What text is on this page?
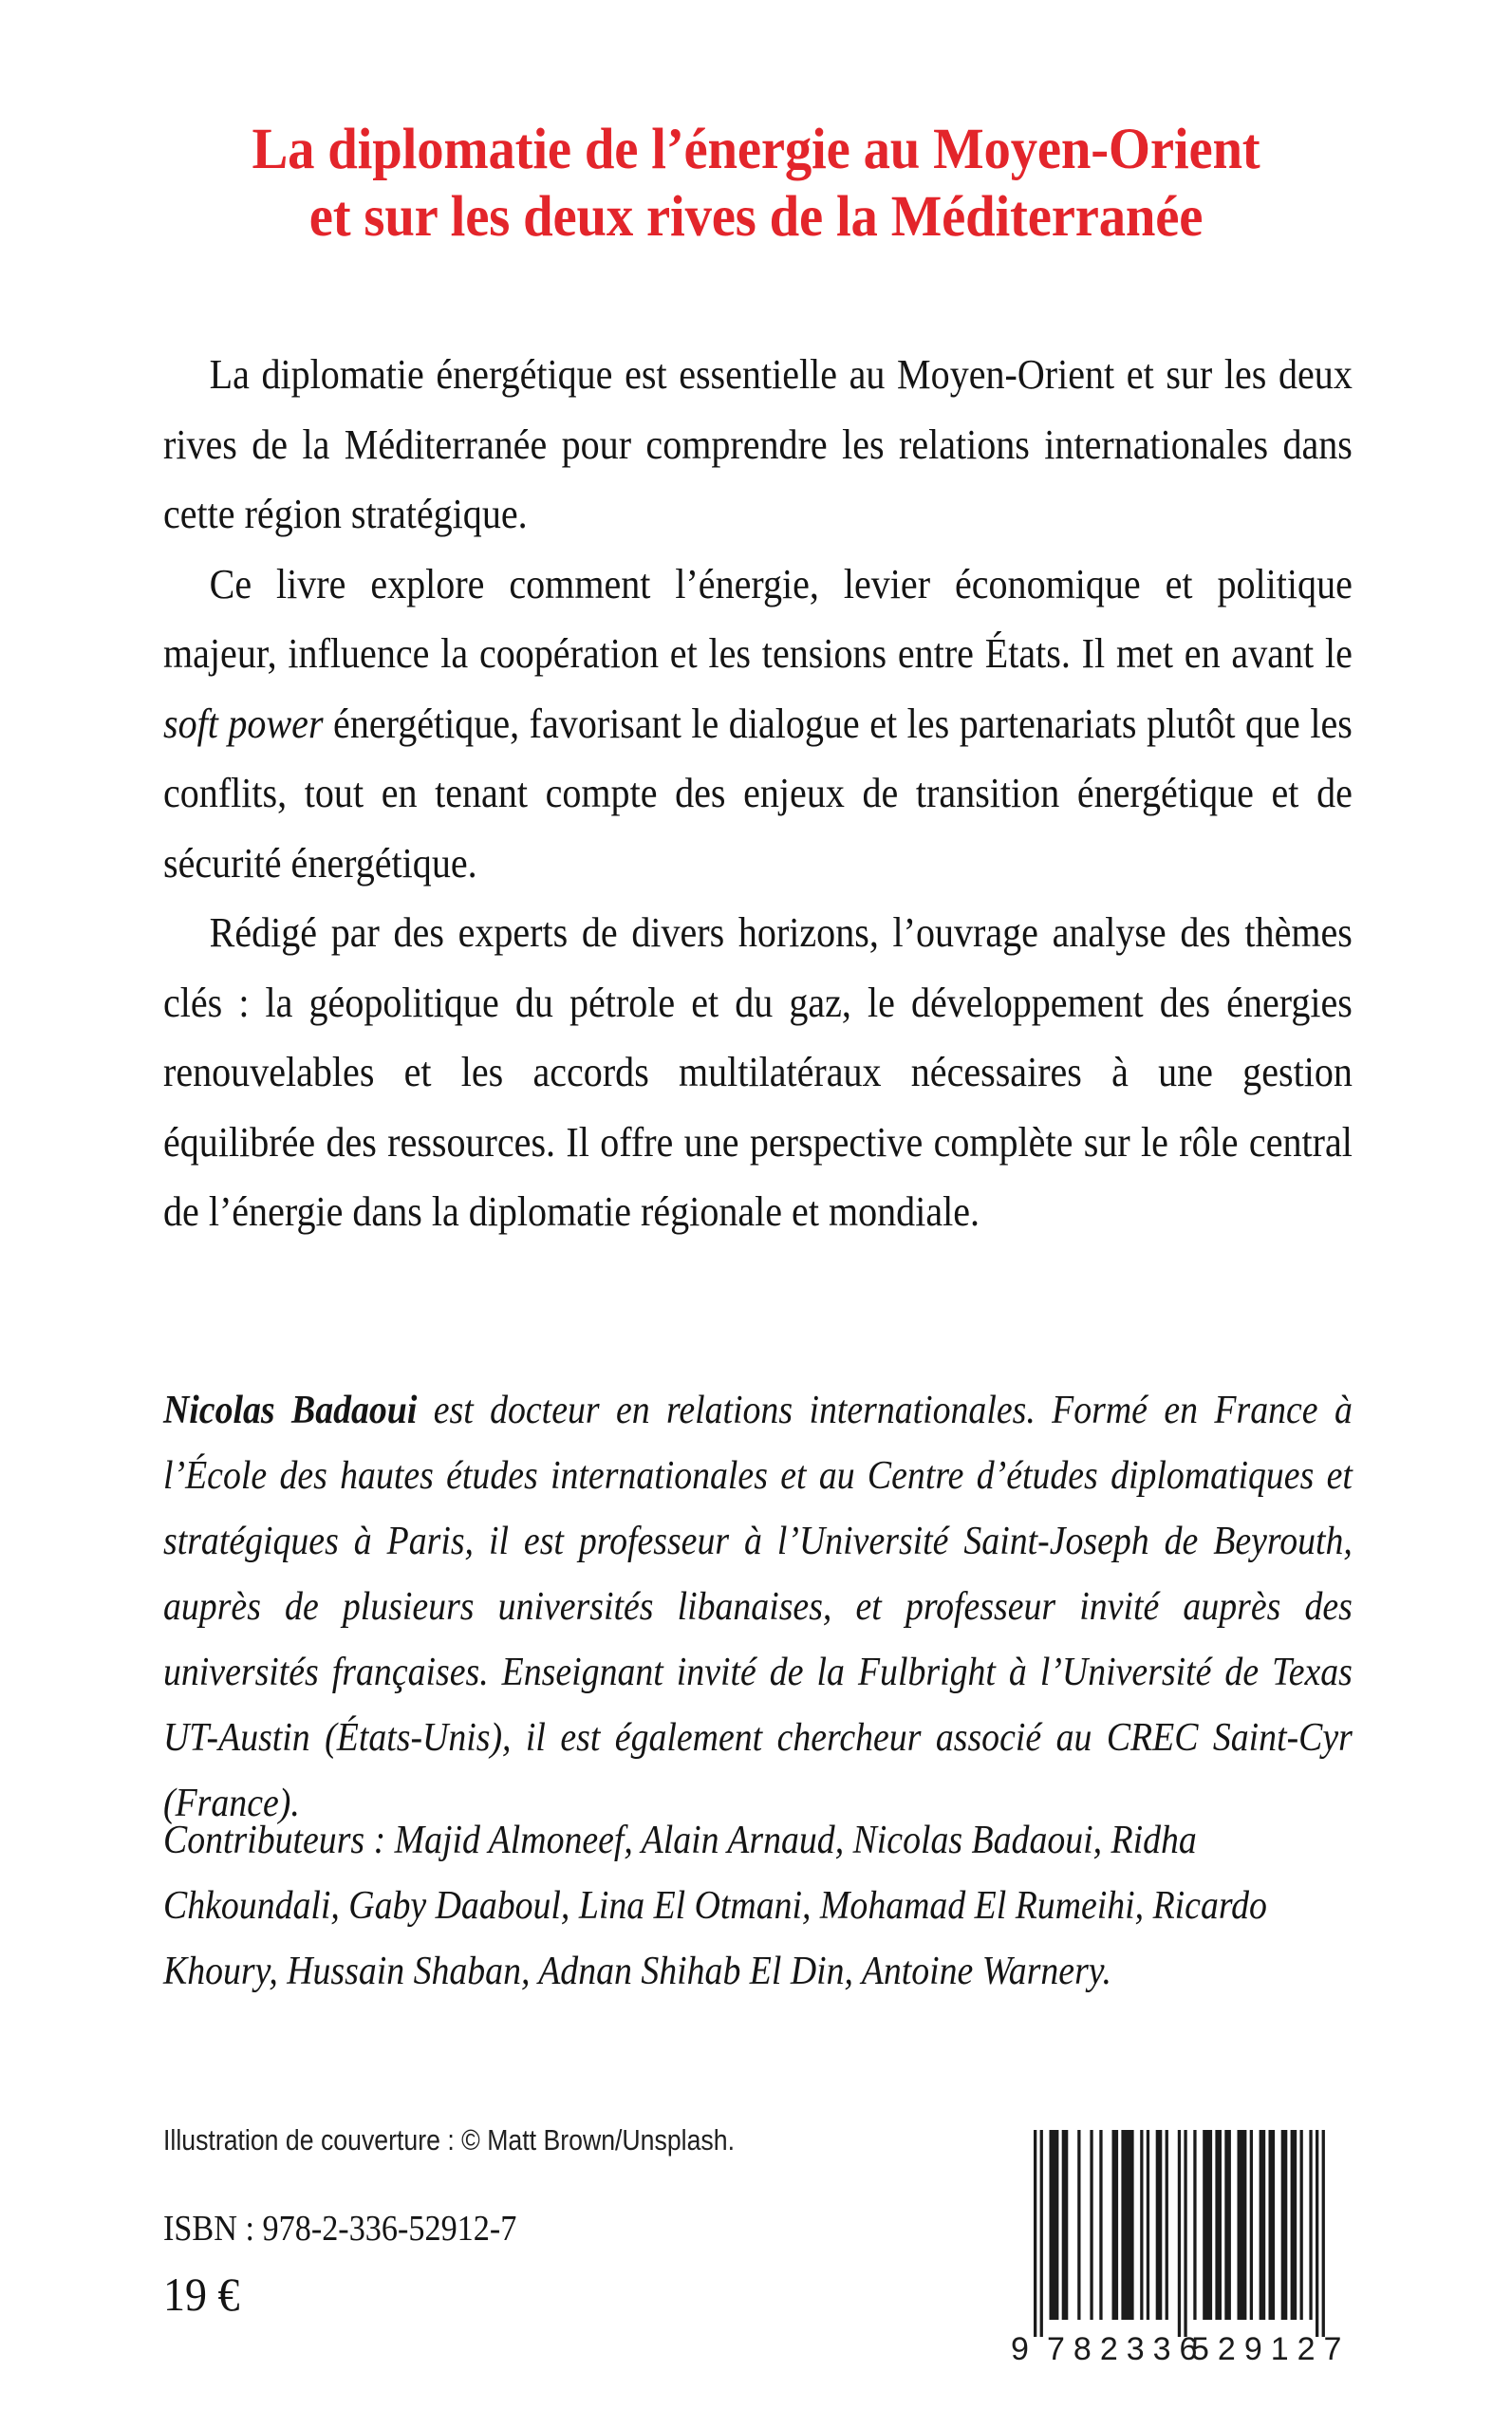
La diplomatie de l’énergie au Moyen-Orient
et sur les deux rives de la Méditerranée

La diplomatie énergétique est essentielle au Moyen-Orient et sur les deux rives de la Méditerranée pour comprendre les relations internationales dans cette région stratégique.

Ce livre explore comment l’énergie, levier économique et politique majeur, influence la coopération et les tensions entre États. Il met en avant le soft power énergétique, favorisant le dialogue et les partenariats plutôt que les conflits, tout en tenant compte des enjeux de transition énergétique et de sécurité énergétique.

Rédigé par des experts de divers horizons, l’ouvrage analyse des thèmes clés : la géopolitique du pétrole et du gaz, le développement des énergies renouvelables et les accords multilatéraux nécessaires à une gestion équilibrée des ressources. Il offre une perspective complète sur le rôle central de l’énergie dans la diplomatie régionale et mondiale.

Nicolas Badaoui est docteur en relations internationales. Formé en France à l’École des hautes études internationales et au Centre d’études diplomatiques et stratégiques à Paris, il est professeur à l’Université Saint-Joseph de Beyrouth, auprès de plusieurs universités libanaises, et professeur invité auprès des universités françaises. Enseignant invité de la Fulbright à l’Université de Texas UT-Austin (États-Unis), il est également chercheur associé au CREC Saint-Cyr (France).

Contributeurs : Majid Almoneef, Alain Arnaud, Nicolas Badaoui, Ridha Chkoundali, Gaby Daaboul, Lina El Otmani, Mohamad El Rumeihi, Ricardo Khoury, Hussain Shaban, Adnan Shihab El Din, Antoine Warnery.

Illustration de couverture : © Matt Brown/Unsplash.
ISBN : 978-2-336-52912-7
19 €
9 782336
529127
